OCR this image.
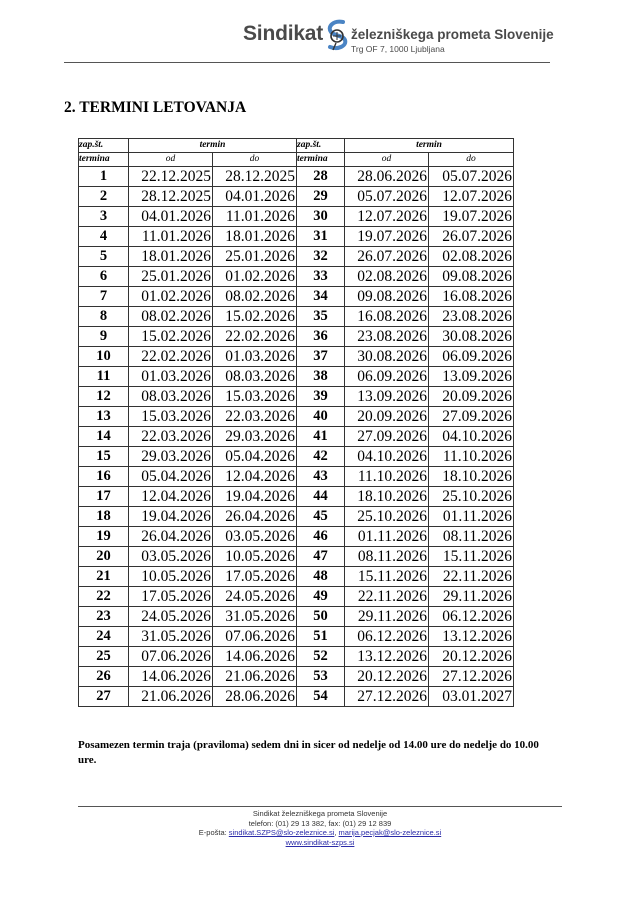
Sindikat železniškega prometa Slovenije
Trg OF 7, 1000 Ljubljana
2. TERMINI LETOVANJA
zap.št.	termin		zap.št.	termin	
termina	od	do	termina	od	do
1	22.12.2025	28.12.2025	28	28.06.2026	05.07.2026
2	28.12.2025	04.01.2026	29	05.07.2026	12.07.2026
3	04.01.2026	11.01.2026	30	12.07.2026	19.07.2026
4	11.01.2026	18.01.2026	31	19.07.2026	26.07.2026
5	18.01.2026	25.01.2026	32	26.07.2026	02.08.2026
6	25.01.2026	01.02.2026	33	02.08.2026	09.08.2026
7	01.02.2026	08.02.2026	34	09.08.2026	16.08.2026
8	08.02.2026	15.02.2026	35	16.08.2026	23.08.2026
9	15.02.2026	22.02.2026	36	23.08.2026	30.08.2026
10	22.02.2026	01.03.2026	37	30.08.2026	06.09.2026
11	01.03.2026	08.03.2026	38	06.09.2026	13.09.2026
12	08.03.2026	15.03.2026	39	13.09.2026	20.09.2026
13	15.03.2026	22.03.2026	40	20.09.2026	27.09.2026
14	22.03.2026	29.03.2026	41	27.09.2026	04.10.2026
15	29.03.2026	05.04.2026	42	04.10.2026	11.10.2026
16	05.04.2026	12.04.2026	43	11.10.2026	18.10.2026
17	12.04.2026	19.04.2026	44	18.10.2026	25.10.2026
18	19.04.2026	26.04.2026	45	25.10.2026	01.11.2026
19	26.04.2026	03.05.2026	46	01.11.2026	08.11.2026
20	03.05.2026	10.05.2026	47	08.11.2026	15.11.2026
21	10.05.2026	17.05.2026	48	15.11.2026	22.11.2026
22	17.05.2026	24.05.2026	49	22.11.2026	29.11.2026
23	24.05.2026	31.05.2026	50	29.11.2026	06.12.2026
24	31.05.2026	07.06.2026	51	06.12.2026	13.12.2026
25	07.06.2026	14.06.2026	52	13.12.2026	20.12.2026
26	14.06.2026	21.06.2026	53	20.12.2026	27.12.2026
27	21.06.2026	28.06.2026	54	27.12.2026	03.01.2027
Posamezen termin traja (praviloma) sedem dni in sicer od nedelje od 14.00 ure do nedelje do 10.00 ure.
Sindikat železniškega prometa Slovenije
telefon: (01) 29 13 382, fax: (01) 29 12 839
E-pošta: sindikat.SZPS@slo-zeleznice.si, marija.pecjak@slo-zeleznice.si
www.sindikat-szps.si
